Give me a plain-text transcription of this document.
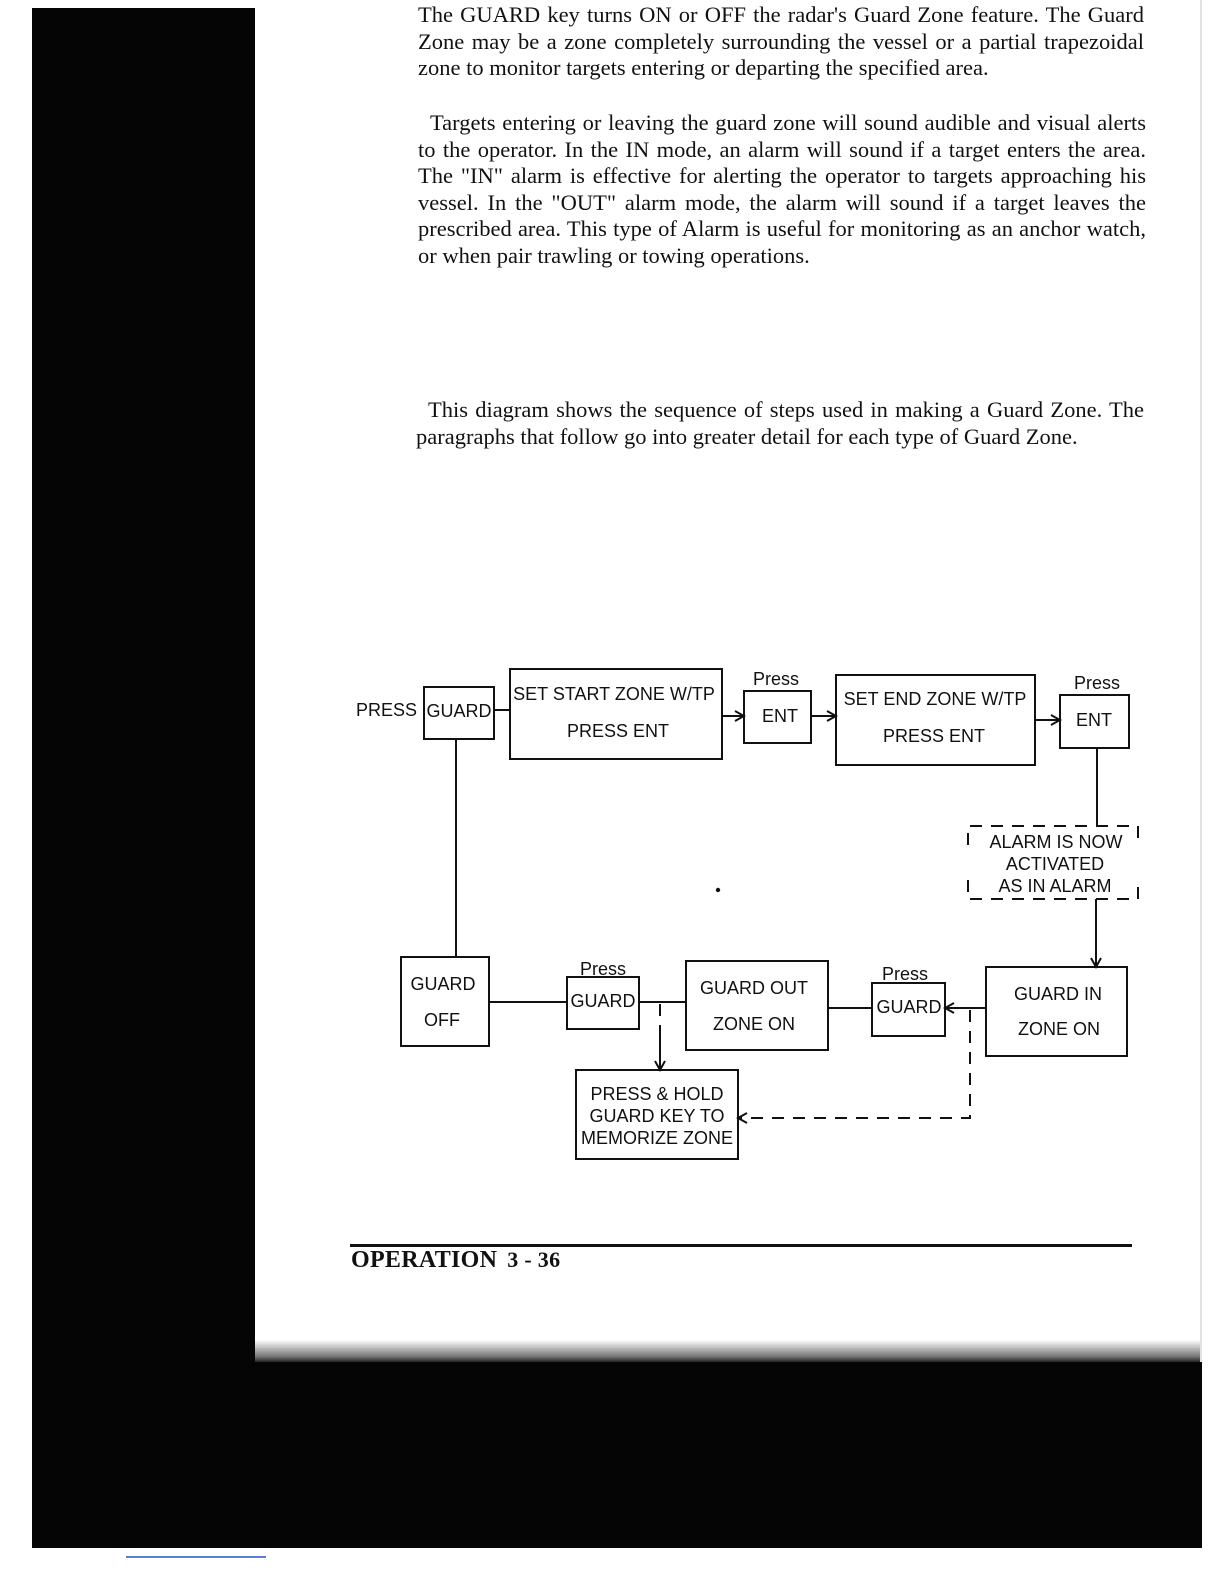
The GUARD key turns ON or OFF the radar's Guard Zone feature. The Guard Zone may be a zone completely surrounding the vessel or a partial trapezoidal zone to monitor targets entering or departing the specified area.

Targets entering or leaving the guard zone will sound audible and visual alerts to the operator. In the IN mode, an alarm will sound if a target enters the area. The "IN" alarm is effective for alerting the operator to targets approaching his vessel. In the "OUT" alarm mode, the alarm will sound if a target leaves the prescribed area. This type of Alarm is useful for monitoring as an anchor watch, or when pair trawling or towing operations.

This diagram shows the sequence of steps used in making a Guard Zone. The paragraphs that follow go into greater detail for each type of Guard Zone.

PRESS GUARD
SET START ZONE W/TP
PRESS ENT
Press
ENT
SET END ZONE W/TP
PRESS ENT
Press
ENT
ALARM IS NOW
ACTIVATED
AS IN ALARM
GUARD IN
ZONE ON
Press
GUARD
GUARD OUT
ZONE ON
Press
GUARD
GUARD
OFF
PRESS & HOLD
GUARD KEY TO
MEMORIZE ZONE
OPERATION 3 - 36
